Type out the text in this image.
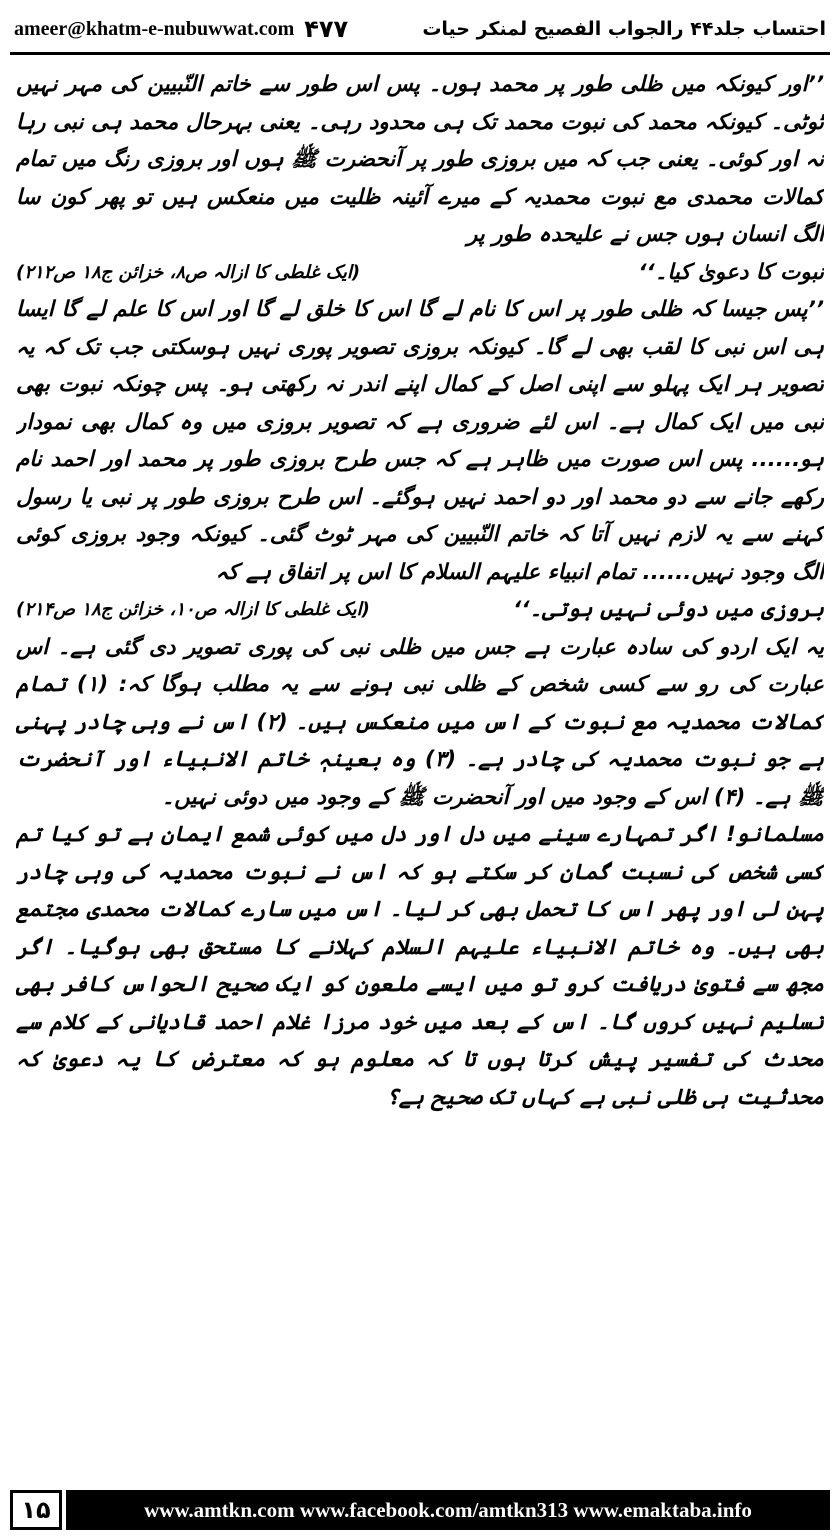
ameer@khatm-e-nubuwwat.com ۴۷۷	احتساب جلد۴۴ رالجواب الفصیح لمنکر حیات

’’اور کیونکہ میں ظلی طور پر محمد ہوں۔ پس اس طور سے خاتم النّبیین کی مہر نہیں ٹوٹی۔ کیونکہ محمد کی نبوت محمد تک ہی محدود رہی۔ یعنی بہرحال محمد ہی نبی رہا نہ اور کوئی۔ یعنی جب کہ میں بروزی طور پر آنحضرت ﷺ ہوں اور بروزی رنگ میں تمام کمالات محمدی مع نبوت محمدیہ کے میرے آئینہ ظلیت میں منعکس ہیں تو پھر کون سا الگ انسان ہوں جس نے علیحدہ طور پر

نبوت کا دعویٰ کیا۔‘‘
(ایک غلطی کا ازالہ ص۸، خزائن ج۱۸ ص۲۱۲)

’’پس جیسا کہ ظلی طور پر اس کا نام لے گا اس کا خلق لے گا اور اس کا علم لے گا ایسا ہی اس نبی کا لقب بھی لے گا۔ کیونکہ بروزی تصویر پوری نہیں ہوسکتی جب تک کہ یہ تصویر ہر ایک پہلو سے اپنی اصل کے کمال اپنے اندر نہ رکھتی ہو۔ پس چونکہ نبوت بھی نبی میں ایک کمال ہے۔ اس لئے ضروری ہے کہ تصویر بروزی میں وہ کمال بھی نمودار ہو...... پس اس صورت میں ظاہر ہے کہ جس طرح بروزی طور پر محمد اور احمد نام رکھے جانے سے دو محمد اور دو احمد نہیں ہوگئے۔ اس طرح بروزی طور پر نبی یا رسول کہنے سے یہ لازم نہیں آتا کہ خاتم النّبیین کی مہر ٹوٹ گئی۔ کیونکہ وجود بروزی کوئی الگ وجود نہیں...... تمام انبیاء علیہم السلام کا اس پر اتفاق ہے کہ

بروزی میں دوئی نہیں ہوتی۔‘‘
(ایک غلطی کا ازالہ ص۱۰، خزائن ج۱۸ ص۲۱۴)

یہ ایک اردو کی سادہ عبارت ہے جس میں ظلی نبی کی پوری تصویر دی گئی ہے۔ اس عبارت کی رو سے کسی شخص کے ظلی نبی ہونے سے یہ مطلب ہوگا کہ: (۱) تمام کمالات محمدیہ مع نبوت کے اس میں منعکس ہیں۔ (۲) اس نے وہی چادر پہنی ہے جو نبوت محمدیہ کی چادر ہے۔ (۳) وہ بعینہٖ خاتم الانبیاء اور آنحضرت ﷺ ہے۔ (۴) اس کے وجود میں اور آنحضرت ﷺ کے وجود میں دوئی نہیں۔

مسلمانو! اگر تمہارے سینے میں دل اور دل میں کوئی شمع ایمان ہے تو کیا تم کسی شخص کی نسبت گمان کر سکتے ہو کہ اس نے نبوت محمدیہ کی وہی چادر پہن لی اور پھر اس کا تحمل بھی کر لیا۔ اس میں سارے کمالات محمدی مجتمع بھی ہیں۔ وہ خاتم الانبیاء علیہم السلام کہلانے کا مستحق بھی ہوگیا۔ اگر مجھ سے فتویٰ دریافت کرو تو میں ایسے ملعون کو ایک صحیح الحواس کافر بھی تسلیم نہیں کروں گا۔ اس کے بعد میں خود مرزا غلام احمد قادیانی کے کلام سے محدث کی تفسیر پیش کرتا ہوں تا کہ معلوم ہو کہ معترض کا یہ دعویٰ کہ محدثیت ہی ظلی نبی ہے کہاں تک صحیح ہے؟

۱۵	www.amtkn.com www.facebook.com/amtkn313 www.emaktaba.info
